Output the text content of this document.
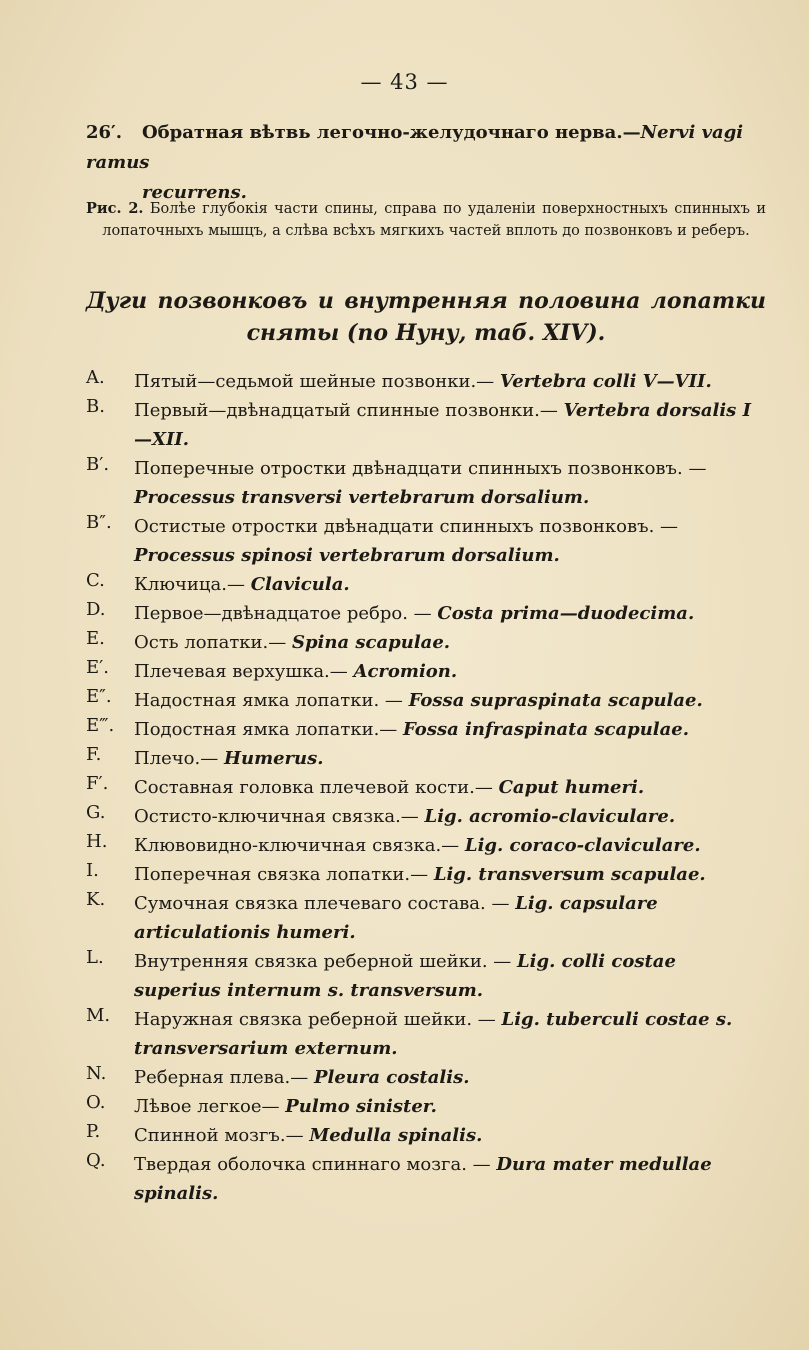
— 43 —
26′. Обратная вѣтвь легочно-желудочнаго нерва.—Nervi vagi ramus
recurrens.
Рис. 2. Болѣе глубокія части спины, справа по удаленіи поверхностныхъ спинныхъ и лопаточныхъ мышцъ, а слѣва всѣхъ мягкихъ частей вплоть до позвонковъ и реберъ.
Дуги позвонковъ и внутренняя половина лопатки сняты (по Нуну, таб. XIV).
A.	Пятый—седьмой шейные позвонки.— Vertebra colli V—VII.
B.	Первый—двѣнадцатый спинные позвонки.— Vertebra dorsalis I—XII.
B′.	Поперечные отростки двѣнадцати спинныхъ позвонковъ. — Processus transversi vertebrarum dorsalium.
B″.	Остистые отростки двѣнадцати спинныхъ позвонковъ. — Processus spinosi vertebrarum dorsalium.
C.	Ключица.— Clavicula.
D.	Первое—двѣнадцатое ребро. — Costa prima—duodecima.
E.	Ость лопатки.— Spina scapulae.
E′.	Плечевая верхушка.— Acromion.
E″.	Надостная ямка лопатки. — Fossa supraspinata scapulae.
E‴.	Подостная ямка лопатки.— Fossa infraspinata scapulae.
F.	Плечо.— Humerus.
F′.	Составная головка плечевой кости.— Caput humeri.
G.	Остисто-ключичная связка.— Lig. acromio-claviculare.
H.	Клювовидно-ключичная связка.— Lig. coraco-claviculare.
I.	Поперечная связка лопатки.— Lig. transversum scapulae.
K.	Сумочная связка плечеваго состава. — Lig. capsulare articulationis humeri.
L.	Внутренняя связка реберной шейки. — Lig. colli costae superius internum s. transversum.
M.	Наружная связка реберной шейки. — Lig. tuberculi costae s. transversarium externum.
N.	Реберная плева.— Pleura costalis.
O.	Лѣвое легкое— Pulmo sinister.
P.	Спинной мозгъ.— Medulla spinalis.
Q.	Твердая оболочка спиннаго мозга. — Dura mater medullae spinalis.
